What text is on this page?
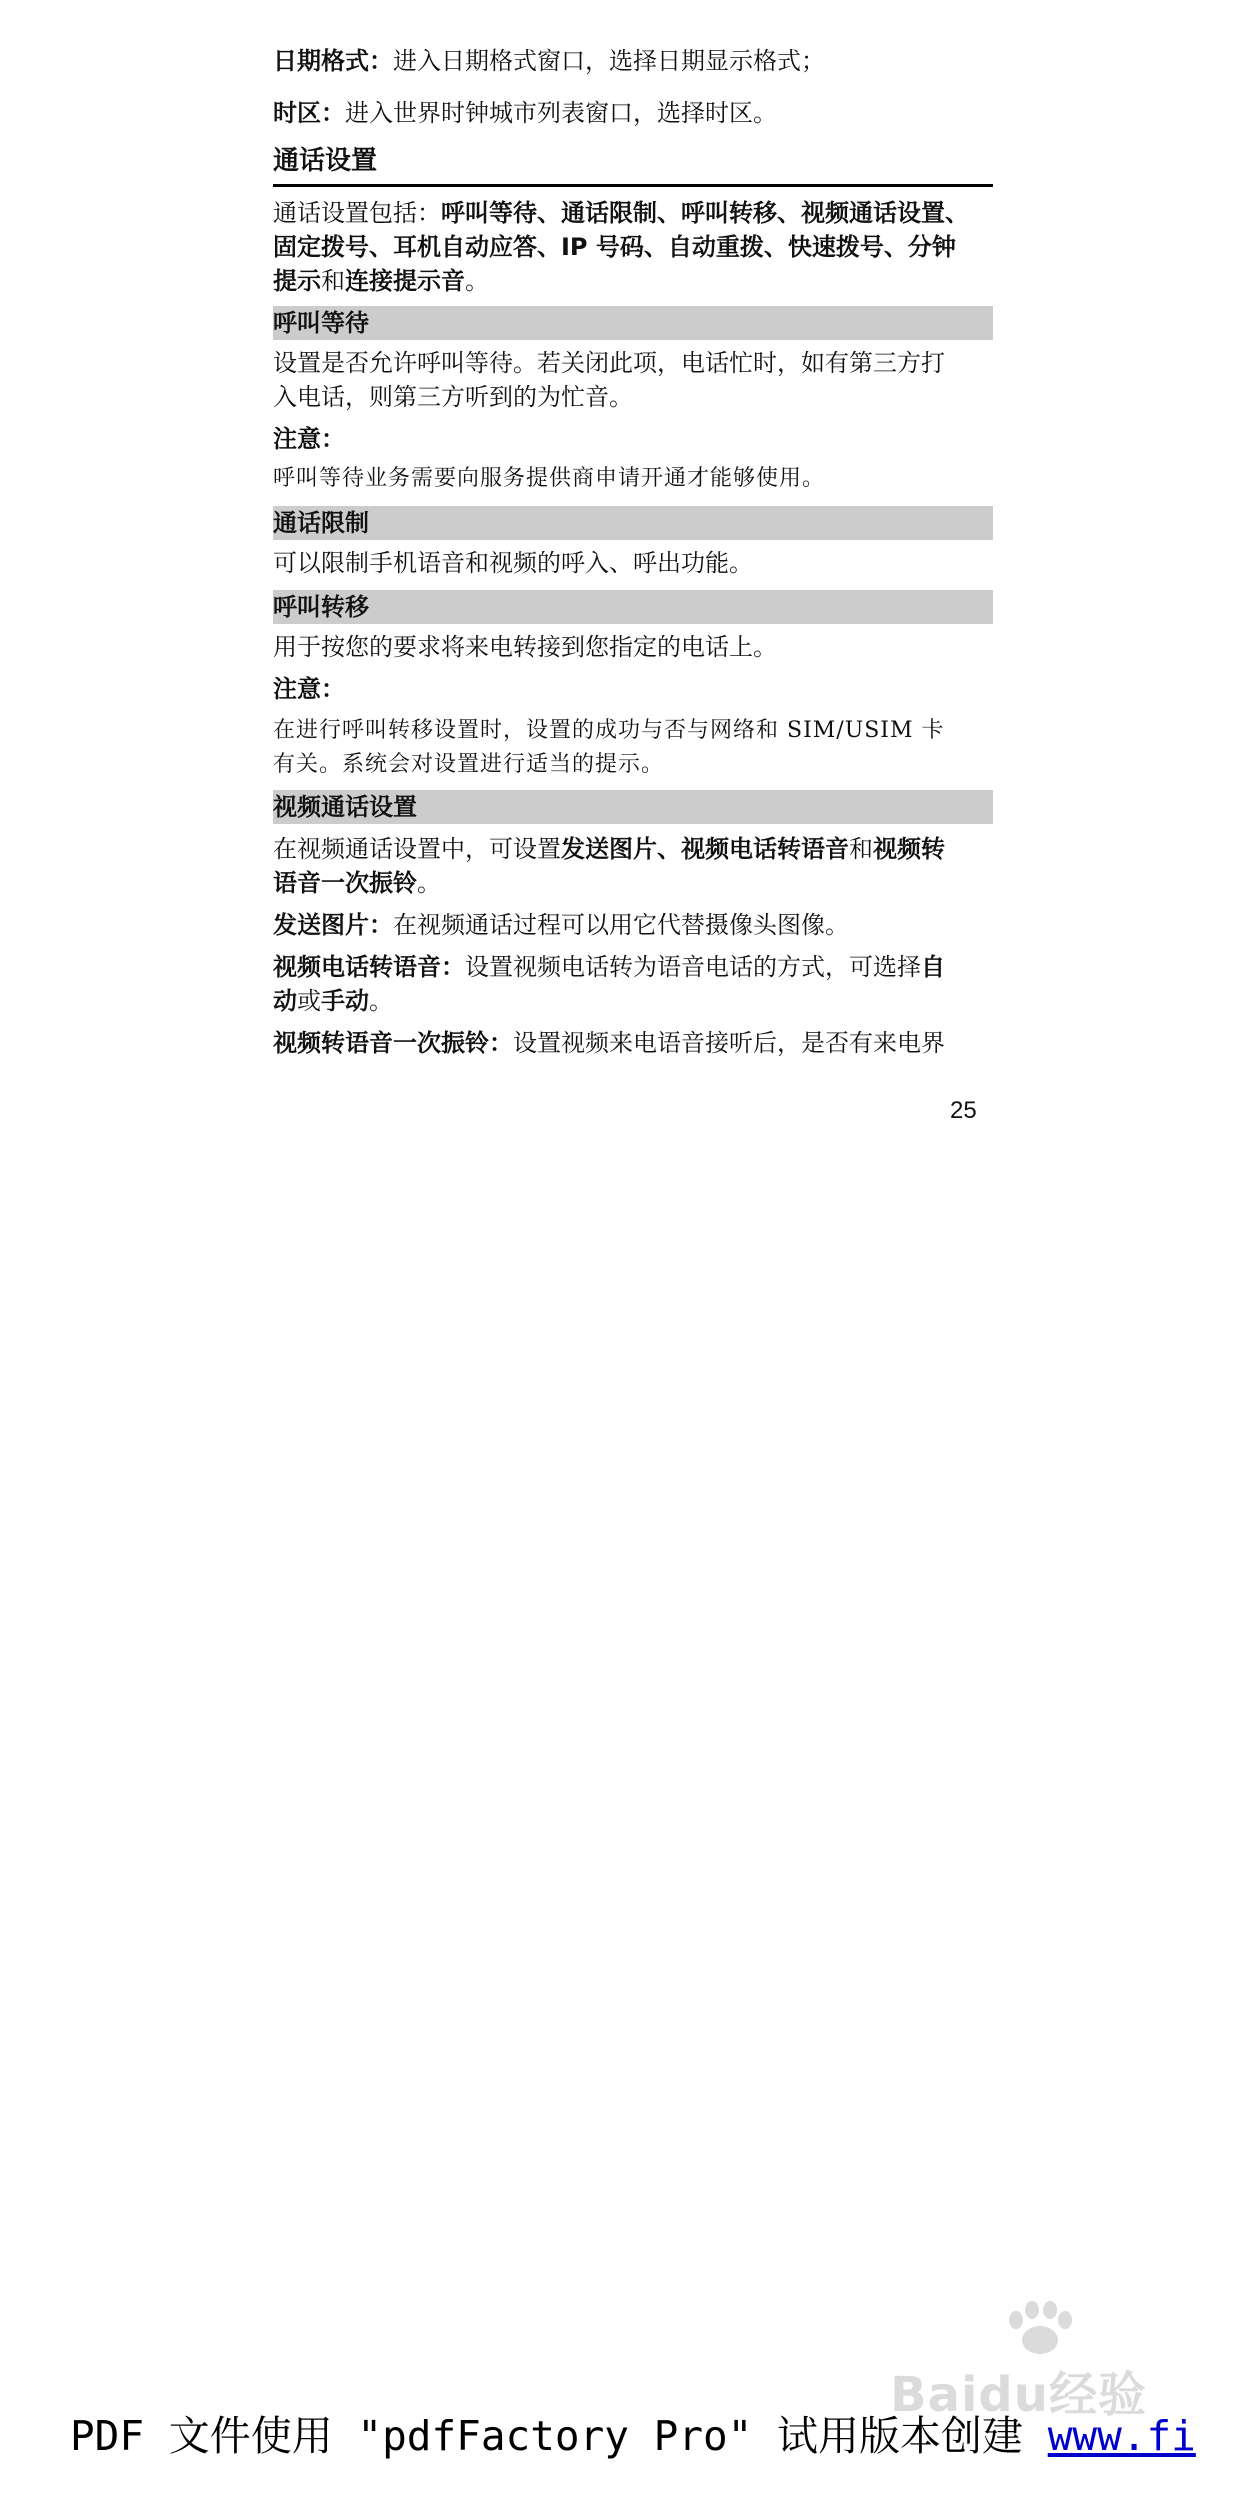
日期格式：进入日期格式窗口，选择日期显示格式；
时区：进入世界时钟城市列表窗口，选择时区。
通话设置
通话设置包括：呼叫等待、通话限制、呼叫转移、视频通话设置、
固定拨号、耳机自动应答、IP 号码、自动重拨、快速拨号、分钟
提示和连接提示音。
呼叫等待
设置是否允许呼叫等待。若关闭此项，电话忙时，如有第三方打
入电话，则第三方听到的为忙音。
注意：
呼叫等待业务需要向服务提供商申请开通才能够使用。
通话限制
可以限制手机语音和视频的呼入、呼出功能。
呼叫转移
用于按您的要求将来电转接到您指定的电话上。
注意：
在进行呼叫转移设置时，设置的成功与否与网络和 SIM/USIM 卡
有关。系统会对设置进行适当的提示。
视频通话设置
在视频通话设置中，可设置发送图片、视频电话转语音和视频转
语音一次振铃。
发送图片：在视频通话过程可以用它代替摄像头图像。
视频电话转语音：设置视频电话转为语音电话的方式，可选择自
动或手动。
视频转语音一次振铃：设置视频来电语音接听后，是否有来电界
25
Baidu经验
PDF 文件使用 "pdfFactory Pro" 试用版本创建 www.fi
